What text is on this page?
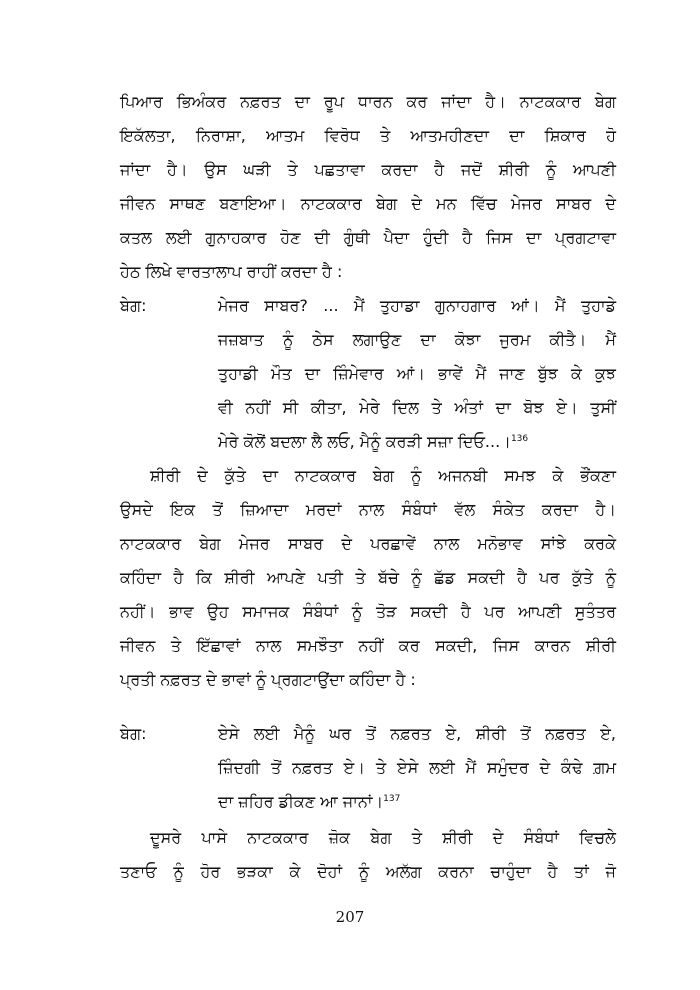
ਪਿਆਰ ਭਿਅੰਕਰ ਨਫ਼ਰਤ ਦਾ ਰੂਪ ਧਾਰਨ ਕਰ ਜਾਂਦਾ ਹੈ। ਨਾਟਕਕਾਰ ਬੇਗ
ਇਕੱਲਤਾ, ਨਿਰਾਸ਼ਾ, ਆਤਮ ਵਿਰੋਧ ਤੇ ਆਤਮਹੀਣਦਾ ਦਾ ਸ਼ਿਕਾਰ ਹੋ
ਜਾਂਦਾ ਹੈ। ਉਸ ਘੜੀ ਤੇ ਪਛਤਾਵਾ ਕਰਦਾ ਹੈ ਜਦੋਂ ਸ਼ੀਰੀ ਨੂੰ ਆਪਣੀ
ਜੀਵਨ ਸਾਥਣ ਬਣਾਇਆ। ਨਾਟਕਕਾਰ ਬੇਗ ਦੇ ਮਨ ਵਿੱਚ ਮੇਜਰ ਸਾਬਰ ਦੇ
ਕਤਲ ਲਈ ਗੁਨਾਹਕਾਰ ਹੋਣ ਦੀ ਗੁੰਥੀ ਪੈਦਾ ਹੁੰਦੀ ਹੈ ਜਿਸ ਦਾ ਪ੍ਰਗਟਾਵਾ
ਹੇਠ ਲਿਖੇ ਵਾਰਤਾਲਾਪ ਰਾਹੀਂ ਕਰਦਾ ਹੈ :
ਬੇਗ:	ਮੇਜਰ ਸਾਬਰ? ... ਮੈਂ ਤੁਹਾਡਾ ਗੁਨਾਹਗਾਰ ਆਂ। ਮੈਂ ਤੁਹਾਡੇ
ਜਜ਼ਬਾਤ ਨੂੰ ਠੇਸ ਲਗਾਉਣ ਦਾ ਕੋਝਾ ਜੁਰਮ ਕੀਤੈ। ਮੈਂ
ਤੁਹਾਡੀ ਮੌਤ ਦਾ ਜ਼ਿੰਮੇਵਾਰ ਆਂ। ਭਾਵੇਂ ਮੈਂ ਜਾਣ ਬੁੱਝ ਕੇ ਕੁਝ
ਵੀ ਨਹੀਂ ਸੀ ਕੀਤਾ, ਮੇਰੇ ਦਿਲ ਤੇ ਅੰਤਾਂ ਦਾ ਬੋਝ ਏ। ਤੁਸੀਂ
ਮੇਰੇ ਕੋਲੋਂ ਬਦਲਾ ਲੈ ਲਓ, ਮੈਨੂੰ ਕਰੜੀ ਸਜ਼ਾ ਦਿਓ...।$^{136}$
ਸ਼ੀਰੀ ਦੇ ਕੁੱਤੇ ਦਾ ਨਾਟਕਕਾਰ ਬੇਗ ਨੂੰ ਅਜਨਬੀ ਸਮਝ ਕੇ ਭੌਂਕਣਾ
ਉਸਦੇ ਇਕ ਤੋਂ ਜ਼ਿਆਦਾ ਮਰਦਾਂ ਨਾਲ ਸੰਬੰਧਾਂ ਵੱਲ ਸੰਕੇਤ ਕਰਦਾ ਹੈ।
ਨਾਟਕਕਾਰ ਬੇਗ ਮੇਜਰ ਸਾਬਰ ਦੇ ਪਰਛਾਵੇਂ ਨਾਲ ਮਨੋਭਾਵ ਸਾਂਝੇ ਕਰਕੇ
ਕਹਿੰਦਾ ਹੈ ਕਿ ਸ਼ੀਰੀ ਆਪਣੇ ਪਤੀ ਤੇ ਬੱਚੇ ਨੂੰ ਛੱਡ ਸਕਦੀ ਹੈ ਪਰ ਕੁੱਤੇ ਨੂੰ
ਨਹੀਂ। ਭਾਵ ਉਹ ਸਮਾਜਕ ਸੰਬੰਧਾਂ ਨੂੰ ਤੋੜ ਸਕਦੀ ਹੈ ਪਰ ਆਪਣੀ ਸੁਤੰਤਰ
ਜੀਵਨ ਤੇ ਇੱਛਾਵਾਂ ਨਾਲ ਸਮਝੌਤਾ ਨਹੀਂ ਕਰ ਸਕਦੀ, ਜਿਸ ਕਾਰਨ ਸ਼ੀਰੀ
ਪ੍ਰਤੀ ਨਫ਼ਰਤ ਦੇ ਭਾਵਾਂ ਨੂੰ ਪ੍ਰਗਟਾਉਂਦਾ ਕਹਿੰਦਾ ਹੈ :
ਬੇਗ:	ਏਸੇ ਲਈ ਮੈਨੂੰ ਘਰ ਤੋਂ ਨਫ਼ਰਤ ਏ, ਸ਼ੀਰੀ ਤੋਂ ਨਫ਼ਰਤ ਏ,
ਜ਼ਿੰਦਗੀ ਤੋਂ ਨਫ਼ਰਤ ਏ। ਤੇ ਏਸੇ ਲਈ ਮੈਂ ਸਮੁੰਦਰ ਦੇ ਕੰਢੇ ਗ਼ਮ
ਦਾ ਜ਼ਹਿਰ ਡੀਕਣ ਆ ਜਾਨਾਂ।$^{137}$
ਦੂਸਰੇ ਪਾਸੇ ਨਾਟਕਕਾਰ ਜ਼ੋਕ ਬੇਗ ਤੇ ਸ਼ੀਰੀ ਦੇ ਸੰਬੰਧਾਂ ਵਿਚਲੇ
ਤਣਾਓ ਨੂੰ ਹੋਰ ਭੜਕਾ ਕੇ ਦੋਹਾਂ ਨੂੰ ਅਲੱਗ ਕਰਨਾ ਚਾਹੁੰਦਾ ਹੈ ਤਾਂ ਜੋ
207
